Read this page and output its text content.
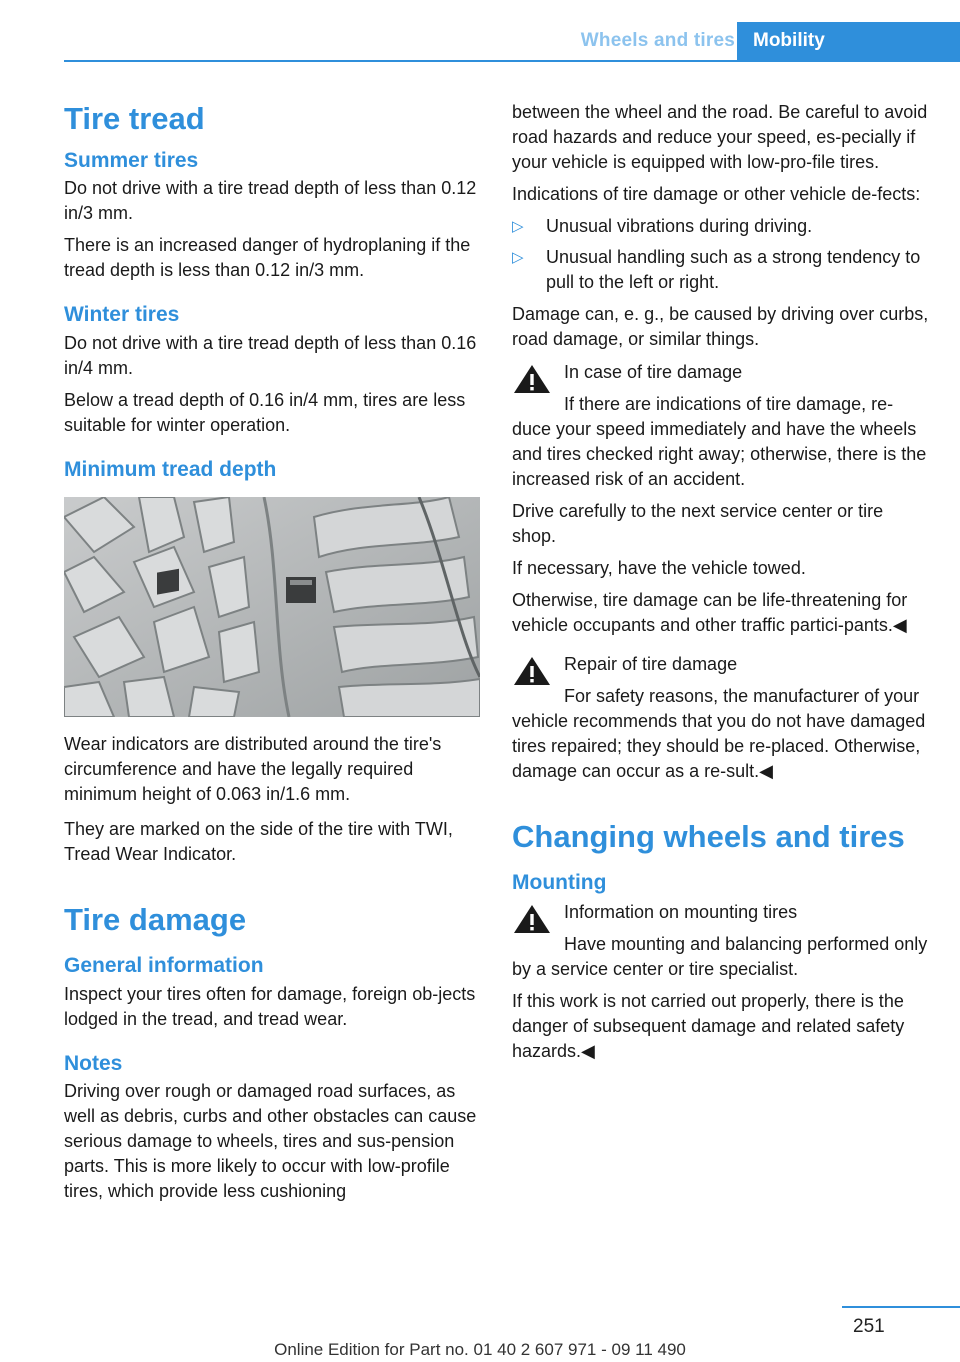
Wheels and tires Mobility
Tire tread
Summer tires

Do not drive with a tire tread depth of less than 0.12 in/3 mm.

There is an increased danger of hydroplaning if the tread depth is less than 0.12 in/3 mm.

Winter tires

Do not drive with a tire tread depth of less than 0.16 in/4 mm.

Below a tread depth of 0.16 in/4 mm, tires are less suitable for winter operation.

Minimum tread depth

Wear indicators are distributed around the tire's circumference and have the legally required minimum height of 0.063 in/1.6 mm.

They are marked on the side of the tire with TWI, Tread Wear Indicator.

Tire damage
General information

Inspect your tires often for damage, foreign ob-jects lodged in the tread, and tread wear.

Notes

Driving over rough or damaged road surfaces, as well as debris, curbs and other obstacles can cause serious damage to wheels, tires and sus-pension parts. This is more likely to occur with low-profile tires, which provide less cushioning

between the wheel and the road. Be careful to avoid road hazards and reduce your speed, es-pecially if your vehicle is equipped with low-pro-file tires.

Indications of tire damage or other vehicle de-fects:

▷ Unusual vibrations during driving.
▷ Unusual handling such as a strong tendency to pull to the left or right.

Damage can, e. g., be caused by driving over curbs, road damage, or similar things.

In case of tire damage

If there are indications of tire damage, re-duce your speed immediately and have the wheels and tires checked right away; otherwise, there is the increased risk of an accident.

Drive carefully to the next service center or tire shop.

If necessary, have the vehicle towed.

Otherwise, tire damage can be life-threatening for vehicle occupants and other traffic partici-pants.◀

Repair of tire damage

For safety reasons, the manufacturer of your vehicle recommends that you do not have damaged tires repaired; they should be re-placed. Otherwise, damage can occur as a re-sult.◀

Changing wheels and tires
Mounting

Information on mounting tires

Have mounting and balancing performed only by a service center or tire specialist.

If this work is not carried out properly, there is the danger of subsequent damage and related safety hazards.◀

251
Online Edition for Part no. 01 40 2 607 971 - 09 11 490
